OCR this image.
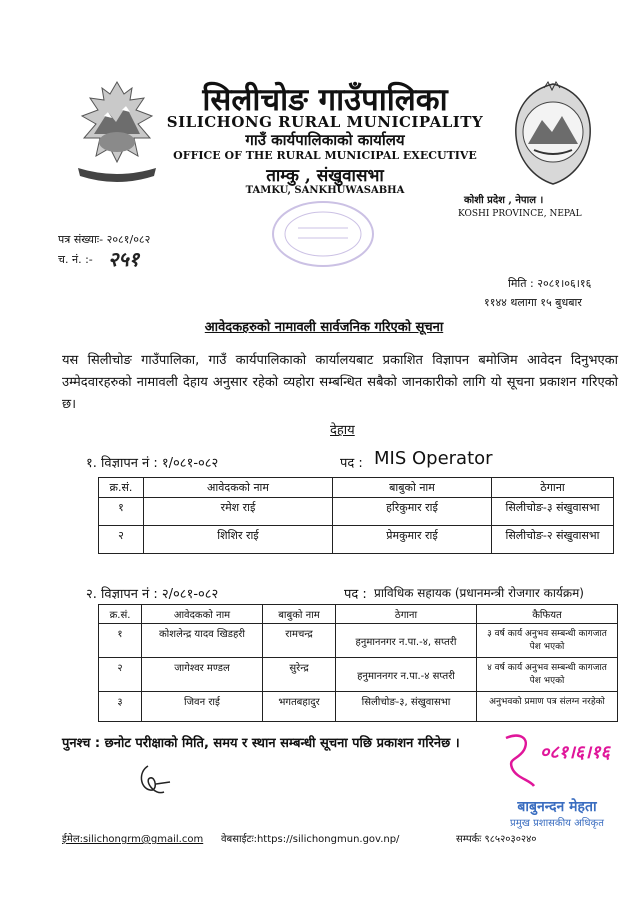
सिलीचोङ गाउँपालिका
SILICHONG RURAL MUNICIPALITY
गाउँ कार्यपालिकाको कार्यालय
OFFICE OF THE RURAL MUNICIPAL EXECUTIVE
ताम्कु , संखुवासभा
TAMKU, SANKHUWASABHA
कोशी प्रदेश , नेपाल ।
KOSHI PROVINCE, NEPAL
पत्र संख्याः- २०८१/०८२
च. नं. :- २५१
मिति : २०८१।०६।१६
११४४ थलागा १५ बुधबार
आवेदकहरुको नामावली सार्वजनिक गरिएको सूचना
यस सिलीचोङ गाउँपालिका, गाउँ कार्यपालिकाको कार्यालयबाट प्रकाशित विज्ञापन बमोजिम आवेदन दिनुभएका उम्मेदवारहरुको नामावली देहाय अनुसार रहेको व्यहोरा सम्बन्धित सबैको जानकारीको लागि यो सूचना प्रकाशन गरिएको छ।
देहाय
१. विज्ञापन नं : १/०८१-०८२	पद : MIS Operator
क्र.सं.	आवेदकको नाम	बाबुको नाम	ठेगाना
१	रमेश राई	हरिकुमार राई	सिलीचोङ-३ संखुवासभा
२	शिशिर राई	प्रेमकुमार राई	सिलीचोङ-२ संखुवासभा
२. विज्ञापन नं : २/०८१-०८२	पद : प्राविधिक सहायक (प्रधानमन्त्री रोजगार कार्यक्रम)
क्र.सं.	आवेदकको नाम	बाबुको नाम	ठेगाना	कैफियत
१	कोशलेन्द्र यादव खिडहरी	रामचन्द्र	हनुमाननगर न.पा.-४, सप्तरी	३ वर्ष कार्य अनुभव सम्बन्धी कागजात पेश भएको
२	जागेश्वर मण्डल	सुरेन्द्र	हनुमाननगर न.पा.-४ सप्तरी	४ वर्ष कार्य अनुभव सम्बन्धी कागजात पेश भएको
३	जिवन राई	भगतबहादुर	सिलीचोङ-३, संखुवासभा	अनुभवको प्रमाण पत्र संलग्न नरहेको
पुनश्च : छनोट परीक्षाको मिति, समय र स्थान सम्बन्धी सूचना पछि प्रकाशन गरिनेछ ।	०८१।६।१६
बाबुनन्दन मेहता
प्रमुख प्रशासकीय अधिकृत
ईमेल:silichongrm@gmail.com वेबसाईटः:https://silichongmun.gov.np/	सम्पर्कः ९८५२०३०२४०
